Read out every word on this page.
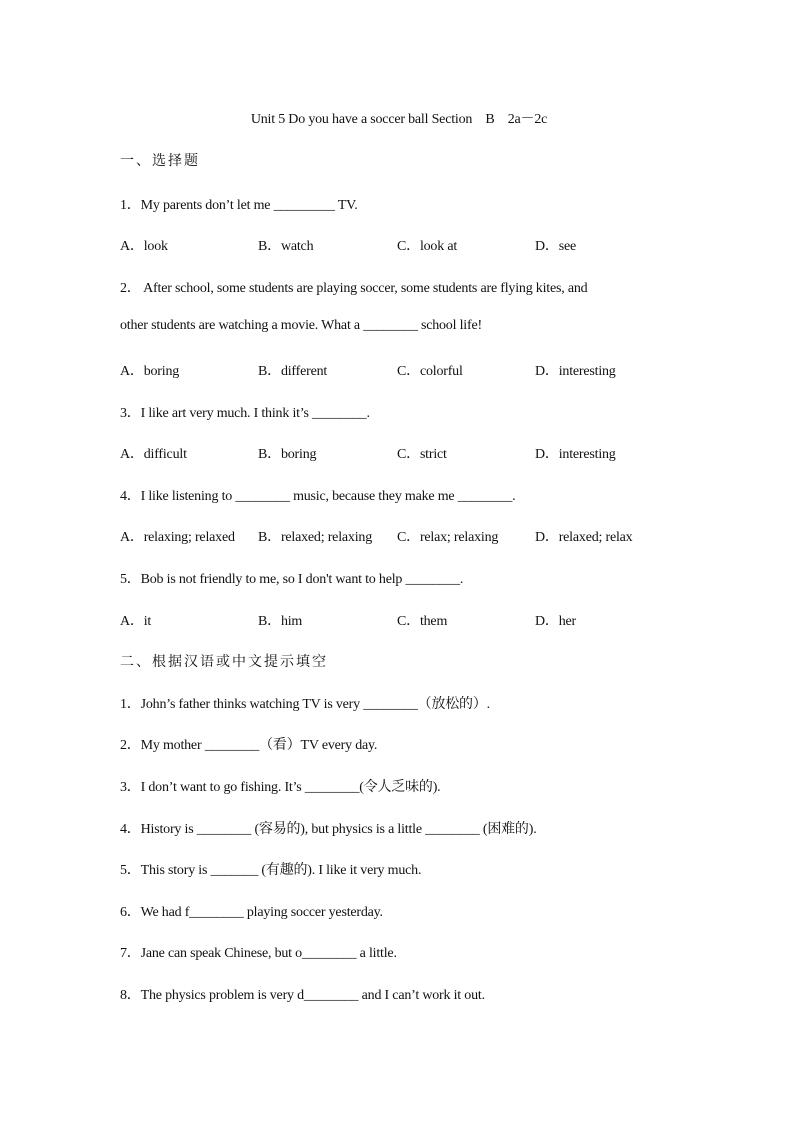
Unit 5 Do you have a soccer ball Section    B    2a－2c
一、选择题
1．My parents don’t let me _________ TV.
A．look	B．watch	C．look at	D．see
2． After school, some students are playing soccer, some students are flying kites, and
other students are watching a movie. What a ________ school life!
A．boring	B．different	C．colorful	D．interesting
3．I like art very much. I think it’s ________.
A．difficult	B．boring	C．strict	D．interesting
4．I like listening to ________ music, because they make me ________.
A．relaxing; relaxed B．relaxed; relaxing C．relax; relaxing	D．relaxed; relax
5．Bob is not friendly to me, so I don't want to help ________.
A．it	B．him	C．them	D．her
二、根据汉语或中文提示填空
1．John’s father thinks watching TV is very ________（放松的）.
2．My mother ________（看）TV every day.
3．I don’t want to go fishing. It’s ________(令人乏味的).
4．History is ________ (容易的), but physics is a little ________ (困难的).
5．This story is _______ (有趣的). I like it very much.
6．We had f________ playing soccer yesterday.
7．Jane can speak Chinese, but o________ a little.
8．The physics problem is very d________ and I can’t work it out.
